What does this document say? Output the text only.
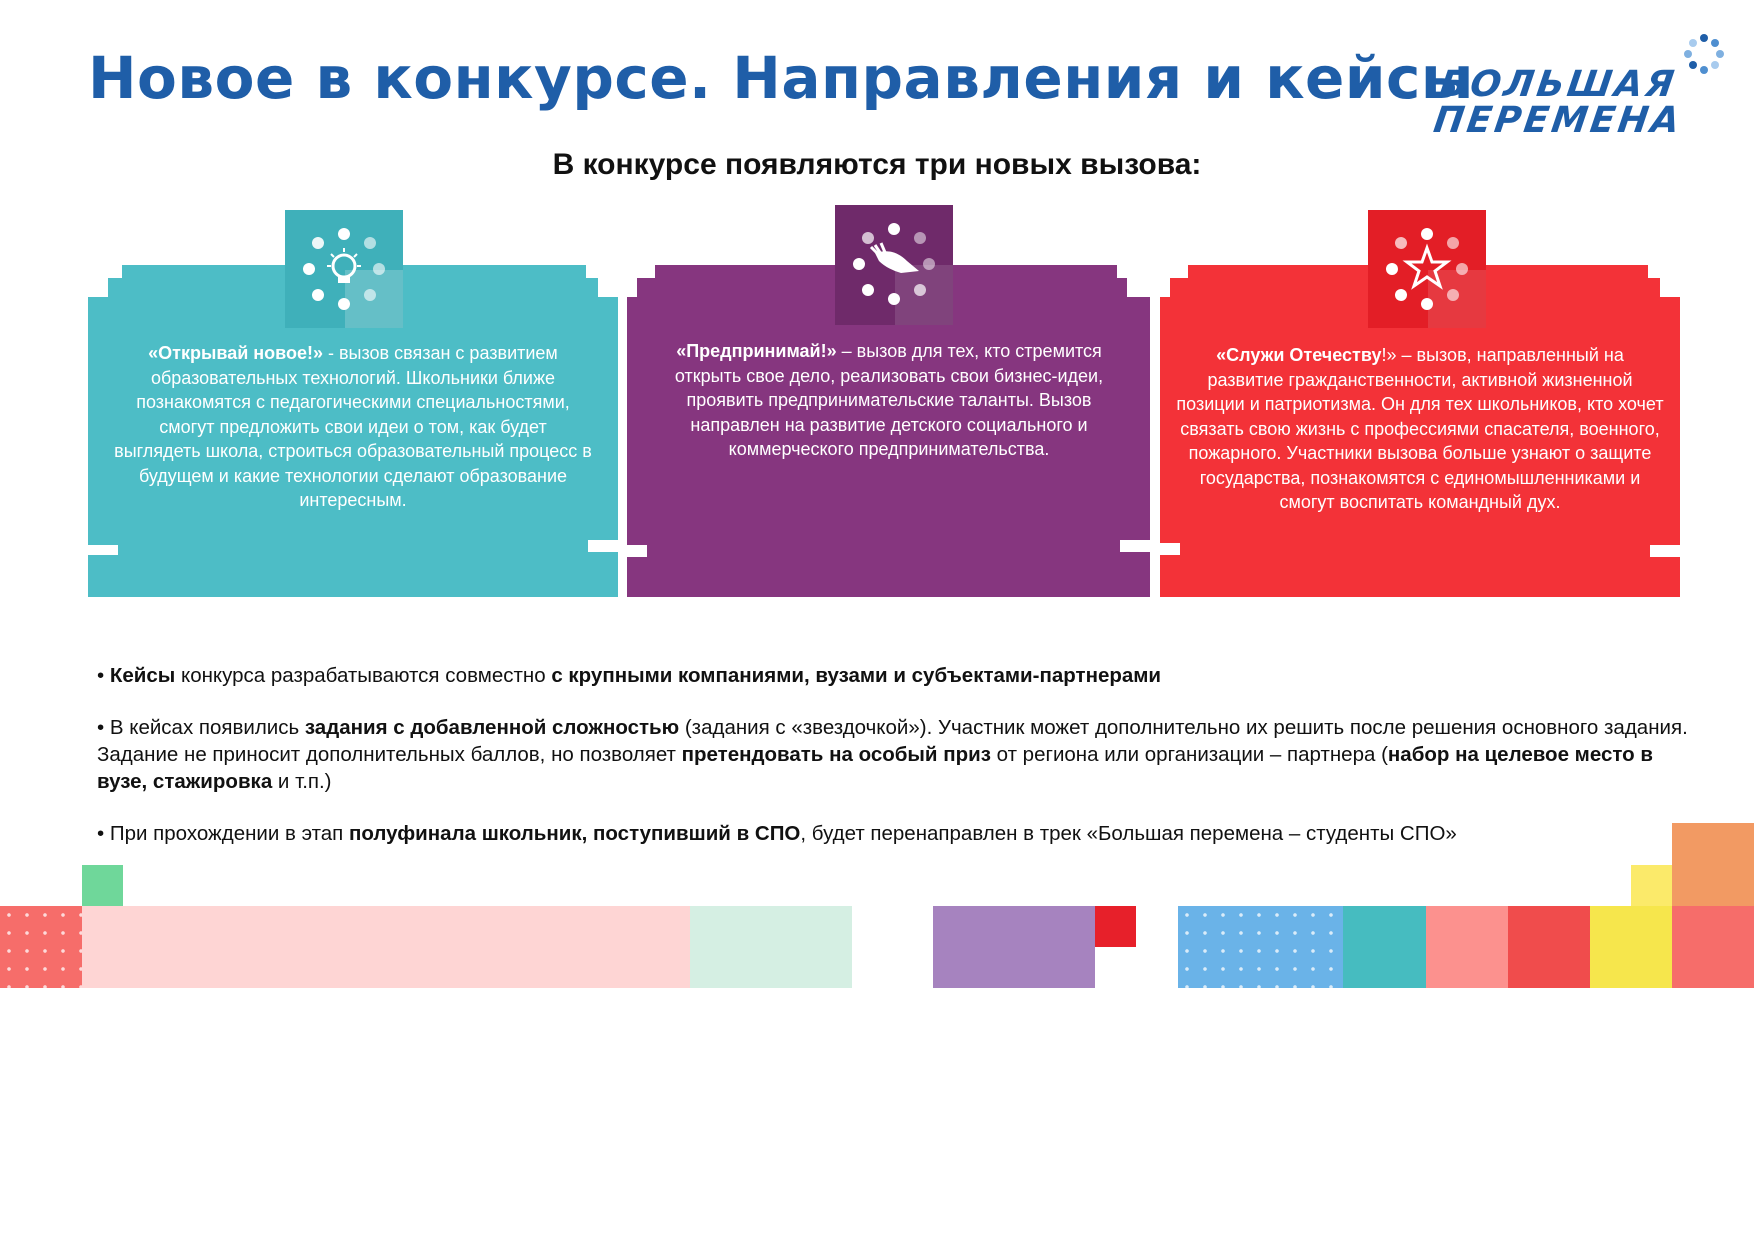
Новое в конкурсе. Направления и кейсы
БОЛЬШАЯ
ПЕРЕМЕНА
В конкурсе появляются три новых вызова:
«Открывай новое!» - вызов связан с развитием образовательных технологий. Школьники ближе познакомятся с педагогическими специальностями, смогут предложить свои идеи о том, как будет выглядеть школа, строиться образовательный процесс в будущем и какие технологии сделают образование интересным.
«Предпринимай!» – вызов для тех, кто стремится открыть свое дело, реализовать свои бизнес-идеи, проявить предпринимательские таланты. Вызов направлен на развитие детского социального и коммерческого предпринимательства.
«Служи Отечеству!» – вызов, направленный на развитие гражданственности, активной жизненной позиции и патриотизма. Он для тех школьников, кто хочет связать свою жизнь с профессиями спасателя, военного, пожарного. Участники вызова больше узнают о защите государства, познакомятся с единомышленниками и смогут воспитать командный дух.

• Кейсы конкурса разрабатываются совместно с крупными компаниями, вузами и субъектами-партнерами

• В кейсах появились задания с добавленной сложностью (задания с «звездочкой»). Участник может дополнительно их решить после решения основного задания. Задание не приносит дополнительных баллов, но позволяет претендовать на особый приз от региона или организации – партнера (набор на целевое место в вузе, стажировка и т.п.)

• При прохождении в этап полуфинала школьник, поступивший в СПО, будет перенаправлен в трек «Большая перемена – студенты СПО»
